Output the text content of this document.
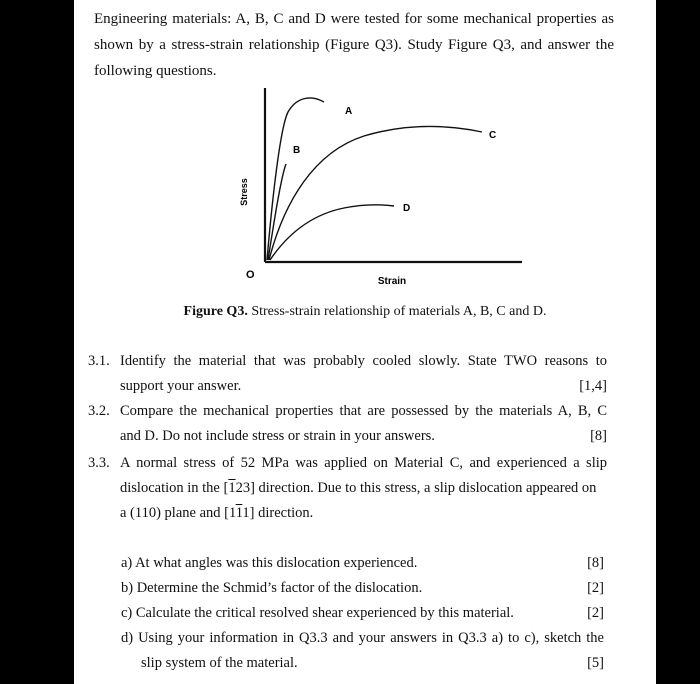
Engineering materials: A, B, C and D were tested for some mechanical properties as

shown by a stress-strain relationship (Figure Q3). Study Figure Q3, and answer the

following questions.

A
B
C
D
Stress
O
Strain
Figure Q3. Stress-strain relationship of materials A, B, C and D.
3.1. Identify the material that was probably cooled slowly. State TWO reasons to
support your answer.	[1,4]
3.2. Compare the mechanical properties that are possessed by the materials A, B, C
and D. Do not include stress or strain in your answers.	[8]
3.3. A normal stress of 52 MPa was applied on Material C, and experienced a slip
dislocation in the [123] direction. Due to this stress, a slip dislocation appeared on
a (110) plane and [111] direction.
a) At what angles was this dislocation experienced.	[8]
b) Determine the Schmid’s factor of the dislocation.	[2]
c) Calculate the critical resolved shear experienced by this material.	[2]
d) Using your information in Q3.3 and your answers in Q3.3 a) to c), sketch the
slip system of the material.	[5]
